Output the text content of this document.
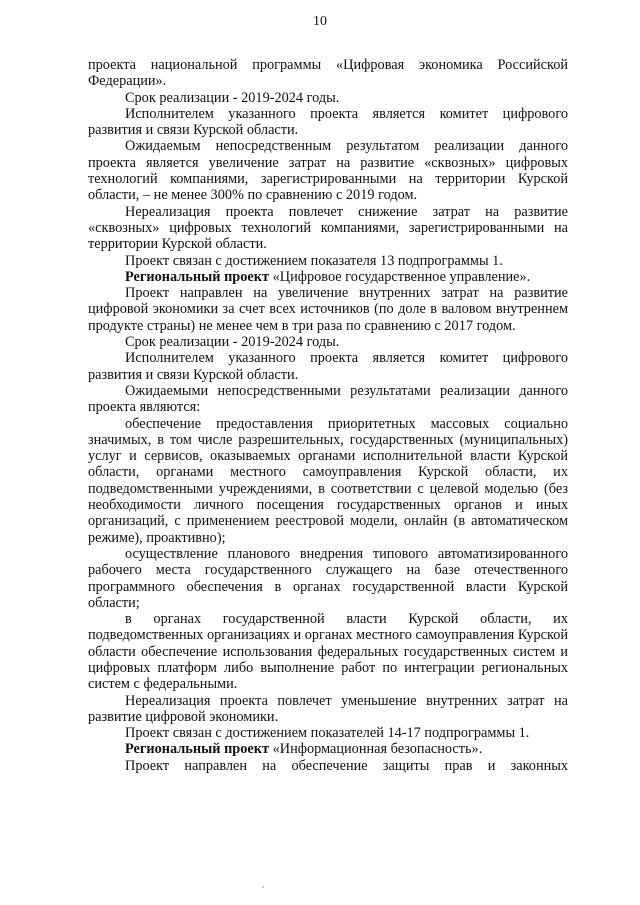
10

проекта национальной программы «Цифровая экономика Российской Федерации».

Срок реализации - 2019-2024 годы.

Исполнителем указанного проекта является комитет цифрового развития и связи Курской области.

Ожидаемым непосредственным результатом реализации данного проекта является увеличение затрат на развитие «сквозных» цифровых технологий компаниями, зарегистрированными на территории Курской области, – не менее 300% по сравнению с 2019 годом.

Нереализация проекта повлечет снижение затрат на развитие «сквозных» цифровых технологий компаниями, зарегистрированными на территории Курской области.

Проект связан с достижением показателя 13 подпрограммы 1.

Региональный проект «Цифровое государственное управление».

Проект направлен на увеличение внутренних затрат на развитие цифровой экономики за счет всех источников (по доле в валовом внутреннем продукте страны) не менее чем в три раза по сравнению с 2017 годом.

Срок реализации - 2019-2024 годы.

Исполнителем указанного проекта является комитет цифрового развития и связи Курской области.

Ожидаемыми непосредственными результатами реализации данного проекта являются:

обеспечение предоставления приоритетных массовых социально значимых, в том числе разрешительных, государственных (муниципальных) услуг и сервисов, оказываемых органами исполнительной власти Курской области, органами местного самоуправления Курской области, их подведомственными учреждениями, в соответствии с целевой моделью (без необходимости личного посещения государственных органов и иных организаций, с применением реестровой модели, онлайн (в автоматическом режиме), проактивно);

осуществление планового внедрения типового автоматизированного рабочего места государственного служащего на базе отечественного программного обеспечения в органах государственной власти Курской области;

в органах государственной власти Курской области, их подведомственных организациях и органах местного самоуправления Курской области обеспечение использования федеральных государственных систем и цифровых платформ либо выполнение работ по интеграции региональных систем с федеральными.

Нереализация проекта повлечет уменьшение внутренних затрат на развитие цифровой экономики.

Проект связан с достижением показателей 14-17 подпрограммы 1.

Региональный проект «Информационная безопасность».

Проект направлен на обеспечение защиты прав и законных
